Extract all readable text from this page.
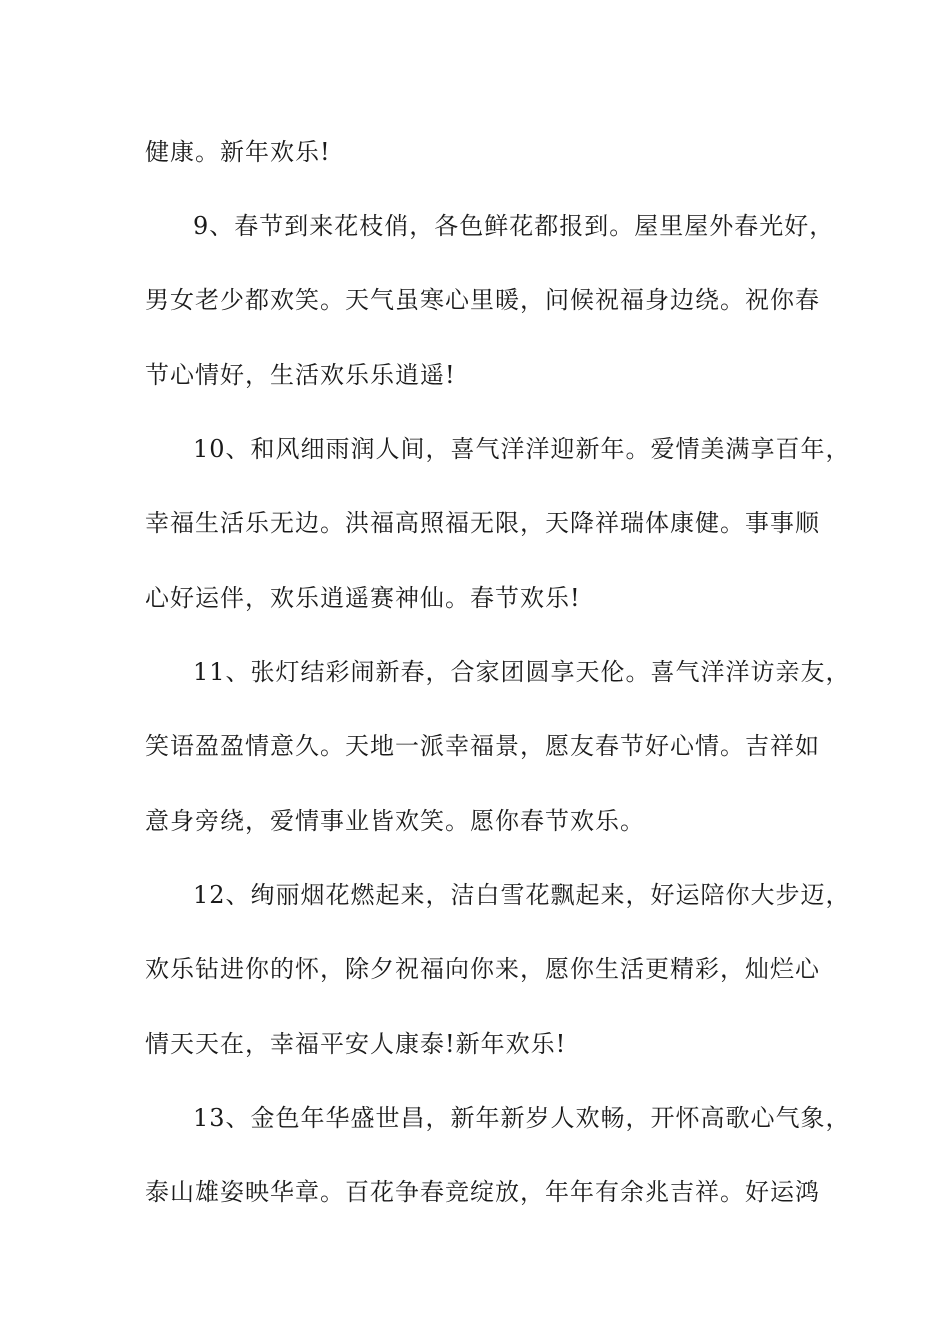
健康。新年欢乐!
9、春节到来花枝俏，各色鲜花都报到。屋里屋外春光好，
男女老少都欢笑。天气虽寒心里暖，问候祝福身边绕。祝你春
节心情好，生活欢乐乐逍遥!
10、和风细雨润人间，喜气洋洋迎新年。爱情美满享百年，
幸福生活乐无边。洪福高照福无限，天降祥瑞体康健。事事顺
心好运伴，欢乐逍遥赛神仙。春节欢乐!
11、张灯结彩闹新春，合家团圆享天伦。喜气洋洋访亲友，
笑语盈盈情意久。天地一派幸福景，愿友春节好心情。吉祥如
意身旁绕，爱情事业皆欢笑。愿你春节欢乐。
12、绚丽烟花燃起来，洁白雪花飘起来，好运陪你大步迈，
欢乐钻进你的怀，除夕祝福向你来，愿你生活更精彩，灿烂心
情天天在，幸福平安人康泰!新年欢乐!
13、金色年华盛世昌，新年新岁人欢畅，开怀高歌心气象，
泰山雄姿映华章。百花争春竞绽放，年年有余兆吉祥。好运鸿
